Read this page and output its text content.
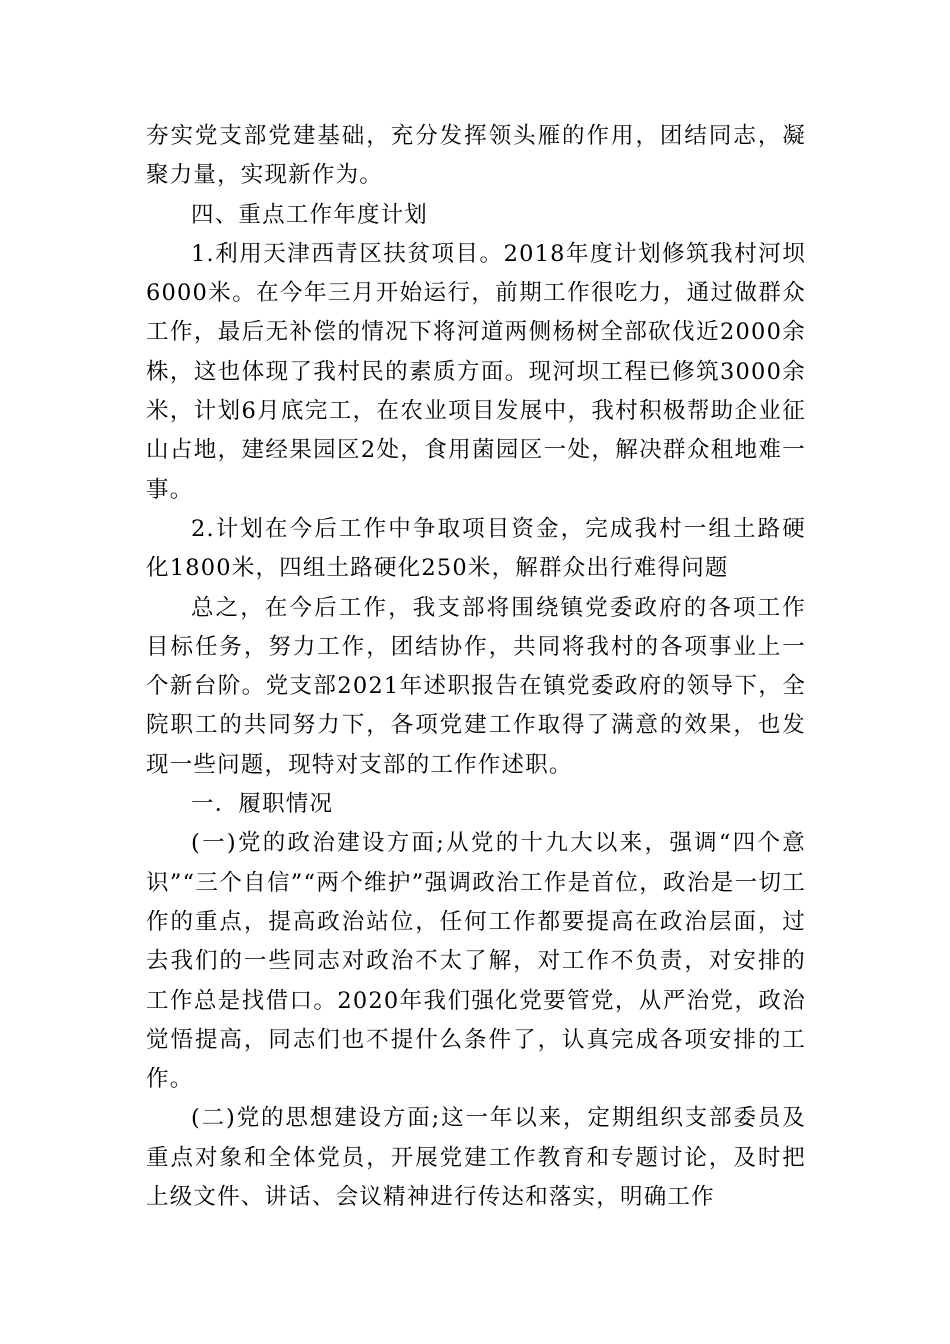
夯实党支部党建基础，充分发挥领头雁的作用，团结同志，凝聚力量，实现新作为。

四、重点工作年度计划

1.利用天津西青区扶贫项目。2018年度计划修筑我村河坝6000米。在今年三月开始运行，前期工作很吃力，通过做群众工作，最后无补偿的情况下将河道两侧杨树全部砍伐近2000余株，这也体现了我村民的素质方面。现河坝工程已修筑3000余米，计划6月底完工，在农业项目发展中，我村积极帮助企业征山占地，建经果园区2处，食用菌园区一处，解决群众租地难一事。

2.计划在今后工作中争取项目资金，完成我村一组土路硬化1800米，四组土路硬化250米，解群众出行难得问题

总之，在今后工作，我支部将围绕镇党委政府的各项工作目标任务，努力工作，团结协作，共同将我村的各项事业上一个新台阶。党支部2021年述职报告在镇党委政府的领导下，全院职工的共同努力下，各项党建工作取得了满意的效果，也发现一些问题，现特对支部的工作作述职。

一．履职情况

(一)党的政治建设方面;从党的十九大以来，强调“四个意识”“三个自信”“两个维护”强调政治工作是首位，政治是一切工作的重点，提高政治站位，任何工作都要提高在政治层面，过去我们的一些同志对政治不太了解，对工作不负责，对安排的工作总是找借口。2020年我们强化党要管党，从严治党，政治觉悟提高，同志们也不提什么条件了，认真完成各项安排的工作。

(二)党的思想建设方面;这一年以来，定期组织支部委员及重点对象和全体党员，开展党建工作教育和专题讨论，及时把上级文件、讲话、会议精神进行传达和落实，明确工作
